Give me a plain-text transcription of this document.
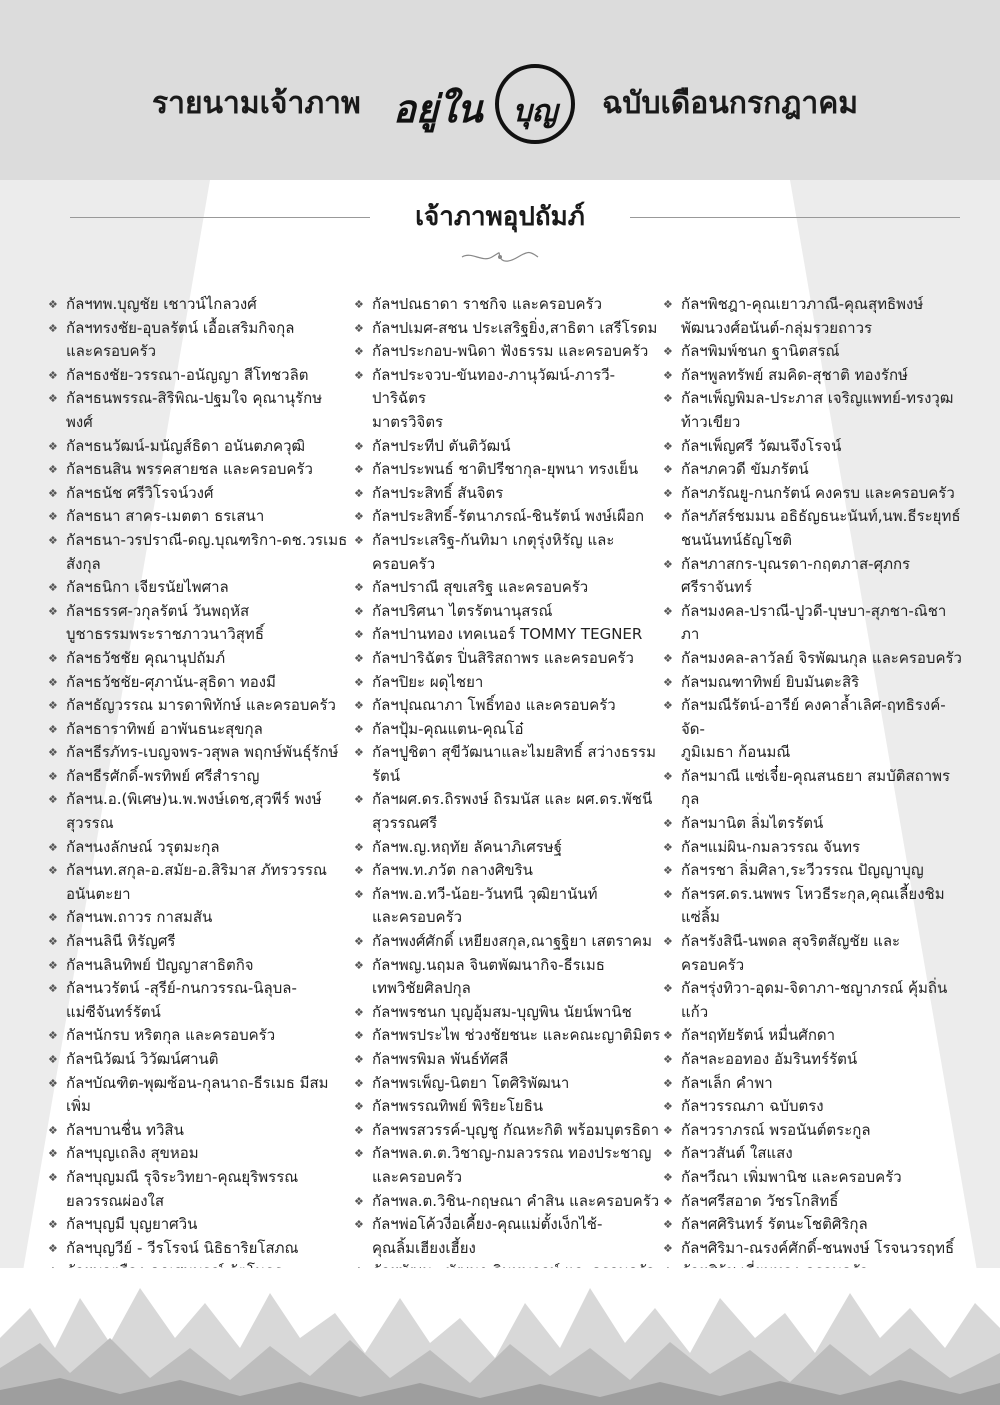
รายนามเจ้าภาพ อยู่ใน	บุญ	ฉบับเดือนกรกฎาคม
เจ้าภาพอุปถัมภ์
❖ กัลฯทพ.บุญชัย เชาวน์ไกลวงศ์
❖ กัลฯทรงชัย-อุบลรัตน์ เอื้อเสริมกิจกุล
และครอบครัว
❖ กัลฯธงชัย-วรรณา-อนัญญา สีโทชวลิต
❖ กัลฯธนพรรณ-สิริพิณ-ปฐมใจ คุณานุรักษพงศ์
❖ กัลฯธนวัฒน์-มนัญส์ธิดา อนันตภควุฒิ
❖ กัลฯธนสิน พรรคสายชล และครอบครัว
❖ กัลฯธนัช ศรีวิโรจน์วงศ์
❖ กัลฯธนา สาคร-เมตตา ธรเสนา
❖ กัลฯธนา-วรปราณี-ดญ.บุณฑริกา-ดช.วรเมธ
สังกุล
❖ กัลฯธนิกา เจียรนัยไพศาล
❖ กัลฯธรรศ-วกุลรัตน์ วันพฤหัส
บูชาธรรมพระราชภาวนาวิสุทธิ์
❖ กัลฯธวัชชัย คุณานุปถัมภ์
❖ กัลฯธวัชชัย-ศุภานัน-สุธิดา ทองมี
❖ กัลฯธัญวรรณ มารดาพิทักษ์ และครอบครัว
❖ กัลฯธาราทิพย์ อาพันธนะสุขกุล
❖ กัลฯธีรภัทร-เบญจพร-วสุพล พฤกษ์พันธุ์รักษ์
❖ กัลฯธีรศักดิ์-พรทิพย์ ศรีสำราญ
❖ กัลฯน.อ.(พิเศษ)น.พ.พงษ์เดช,สุวพีร์ พงษ์สุวรรณ
❖ กัลฯนงลักษณ์ วรุตมะกุล
❖ กัลฯนท.สกุล-อ.สมัย-อ.สิริมาส ภัทรวรรณ
อนันตะยา
❖ กัลฯนพ.ถาวร กาสมสัน
❖ กัลฯนลินี หิรัญศรี
❖ กัลฯนลินทิพย์ ปัญญาสาธิตกิจ
❖ กัลฯนวรัตน์ -สุรีย์-กนกวรรณ-นิลุบล-
แม่ซีจันทร์รัตน์
❖ กัลฯนักรบ หริตกุล และครอบครัว
❖ กัลฯนิวัฒน์ วิวัฒน์ศานติ
❖ กัลฯบัณฑิต-พุฒซ้อน-กุลนาถ-ธีรเมธ มีสมเพิ่ม
❖ กัลฯบานชื่น ทวิสิน
❖ กัลฯบุญเถลิง สุขหอม
❖ กัลฯบุญมณี รุจิระวิทยา-คุณยุริพรรณ
ยลวรรณผ่องใส
❖ กัลฯบุญมี บุญยาศวิน
❖ กัลฯบุญวีย์ - วีรโรจน์ นิธิธาริยโสภณ
❖ กัลฯปณธาดา ราชกิจ และครอบครัว
❖ กัลฯปเมศ-สชน ประเสริฐยิ่ง,สาธิตา เสรีโรดม
❖ กัลฯประกอบ-พนิดา ฟังธรรม และครอบครัว
❖ กัลฯประจวบ-ขันทอง-ภานุวัฒน์-ภารวี-ปาริฉัตร
มาตรวิจิตร
❖ กัลฯประทีป ตันติวัฒน์
❖ กัลฯประพนธ์ ชาติปรีชากุล-ยุพนา ทรงเย็น
❖ กัลฯประสิทธิ์ สันจิตร
❖ กัลฯประสิทธิ์-รัตนาภรณ์-ชินรัตน์ พงษ์เผือก
❖ กัลฯประเสริฐ-กันทิมา เกตุรุ่งหิรัญ และครอบครัว
❖ กัลฯปราณี สุขเสริฐ และครอบครัว
❖ กัลฯปริศนา ไตรรัตนานุสรณ์
❖ กัลฯปานทอง เทคเนอร์ TOMMY TEGNER
❖ กัลฯปาริฉัตร ปิ่นสิริสถาพร และครอบครัว
❖ กัลฯปิยะ ผดุไชยา
❖ กัลฯปุณณาภา โพธิ์ทอง และครอบครัว
❖ กัลฯปุ้ม-คุณแตน-คุณโอ๋
❖ กัลฯปูชิตา สุขีวัฒนาและไมยสิทธิ์ สว่างธรรมรัตน์
❖ กัลฯผศ.ดร.ถิรพงษ์ ถิรมนัส และ ผศ.ดร.พัชนี
สุวรรณศรี
❖ กัลฯพ.ญ.หฤทัย ลัคนาภิเศรษฐ์
❖ กัลฯพ.ท.ภวัต กลางศิขริน
❖ กัลฯพ.อ.ทวี-น้อย-วันทนี วุฒิยานันท์
และครอบครัว
❖ กัลฯพงศ์ศักดิ์ เหยียงสกุล,ณาฐฐิยา เสตราคม
❖ กัลฯพญ.นฤมล จินตพัฒนากิจ-ธีรเมธ
เทพวิชัยศิลปกุล
❖ กัลฯพรชนก บุญอุ้มสม-บุญพิน นัยน์พานิช
❖ กัลฯพรประไพ ช่วงชัยชนะ และคณะญาติมิตร
❖ กัลฯพรพิมล พันธ์ทัศลี
❖ กัลฯพรเพ็ญ-นิตยา โตศิริพัฒนา
❖ กัลฯพรรณทิพย์ พิริยะโยธิน
❖ กัลฯพรสวรรค์-บุญชู กัณหะกิติ พร้อมบุตรธิดา
❖ กัลฯพล.ต.ต.วิชาญ-กมลวรรณ ทองประชาญ
และครอบครัว
❖ กัลฯพล.ต.วิชิน-กฤษณา คำสิน และครอบครัว
❖ กัลฯพ่อโค้วงี่อเคี้ยง-คุณแม่ตั้งเง็กไช้-
คุณลิ้มเฮียงเฮี้ยง
❖ กัลฯพิชฎา-คุณเยาวภาณี-คุณสุทธิพงษ์
พัฒนวงศ์อนันต์-กลุ่มรวยถาวร
❖ กัลฯพิมพ์ชนก ฐานิตสรณ์
❖ กัลฯพูลทรัพย์ สมคิด-สุชาติ ทองรักษ์
❖ กัลฯเพ็ญพิมล-ประภาส เจริญแพทย์-ทรงวุฒ
ท้าวเขียว
❖ กัลฯเพ็ญศรี วัฒนจึงโรจน์
❖ กัลฯภควดี ขัมภรัตน์
❖ กัลฯภรัณยู-กนกรัตน์ คงครบ และครอบครัว
❖ กัลฯภัสร์ชมมน อธิธัญธนะนันท์,นพ.ธีระยุทธ์
ชนนันทน์ธัญโชติ
❖ กัลฯภาสกร-บุณรดา-กฤตภาส-ศุภกร
ศรีราจันทร์
❖ กัลฯมงคล-ปราณี-ปูวดี-บุษบา-สุภชา-ณิชาภา
❖ กัลฯมงคล-ลาวัลย์ จิรพัฒนกุล และครอบครัว
❖ กัลฯมณฑาทิพย์ ยิบมันตะสิริ
❖ กัลฯมณีรัตน์-อารีย์ คงคาล้ำเลิศ-ฤทธิรงค์-จัด-
ภูมิเมธา ก้อนมณี
❖ กัลฯมาณี แซ่เจี๋ย-คุณสนธยา สมบัติสถาพรกุล
❖ กัลฯมานิต ลิ่มไตรรัตน์
❖ กัลฯแม่ผิน-กมลวรรณ จันทร
❖ กัลฯรชา ลิ่มศิลา,ระวีวรรณ ปัญญาบุญ
❖ กัลฯรศ.ดร.นพพร โหวธีระกุล,คุณเลี้ยงชิม
แซ่ลิ้ม
❖ กัลฯรังสินี-นพดล สุจริตสัญชัย และครอบครัว
❖ กัลฯรุ่งทิวา-อุดม-จิดาภา-ชญาภรณ์ คุ้มถิ่นแก้ว
❖ กัลฯฤทัยรัตน์ หมื่นศักดา
❖ กัลฯละออทอง อัมรินทร์รัตน์
❖ กัลฯเล็ก คำพา
❖ กัลฯวรรณภา ฉบับตรง
❖ กัลฯวราภรณ์ พรอนันต์ตระกูล
❖ กัลฯวสันต์ ใสแสง
❖ กัลฯวีณา เพิ่มพานิช และครอบครัว
❖ กัลฯศรีสอาด วัชรโกสิทธิ์
❖ กัลฯศศิรินทร์ รัตนะโชติศิริกุล
❖ กัลฯศิริมา-ณรงค์ศักดิ์-ชนพงษ์ โรจนวรฤทธิ์
